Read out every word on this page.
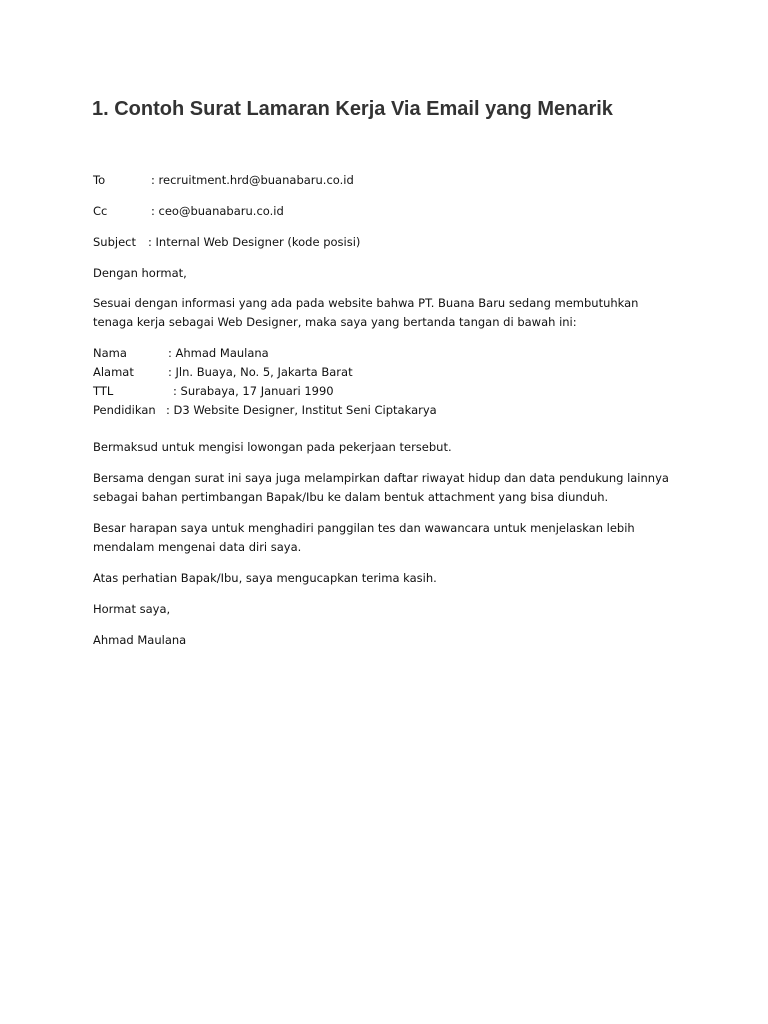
1. Contoh Surat Lamaran Kerja Via Email yang Menarik
To	: recruitment.hrd@buanabaru.co.id
Cc	: ceo@buanabaru.co.id
Subject : Internal Web Designer (kode posisi)
Dengan hormat,
Sesuai dengan informasi yang ada pada website bahwa PT. Buana Baru sedang membutuhkan
tenaga kerja sebagai Web Designer, maka saya yang bertanda tangan di bawah ini:
Nama	: Ahmad Maulana
Alamat	: Jln. Buaya, No. 5, Jakarta Barat
TTL	: Surabaya, 17 Januari 1990
Pendidikan : D3 Website Designer, Institut Seni Ciptakarya
Bermaksud untuk mengisi lowongan pada pekerjaan tersebut.
Bersama dengan surat ini saya juga melampirkan daftar riwayat hidup dan data pendukung lainnya
sebagai bahan pertimbangan Bapak/Ibu ke dalam bentuk attachment yang bisa diunduh.
Besar harapan saya untuk menghadiri panggilan tes dan wawancara untuk menjelaskan lebih
mendalam mengenai data diri saya.
Atas perhatian Bapak/Ibu, saya mengucapkan terima kasih.
Hormat saya,
Ahmad Maulana
